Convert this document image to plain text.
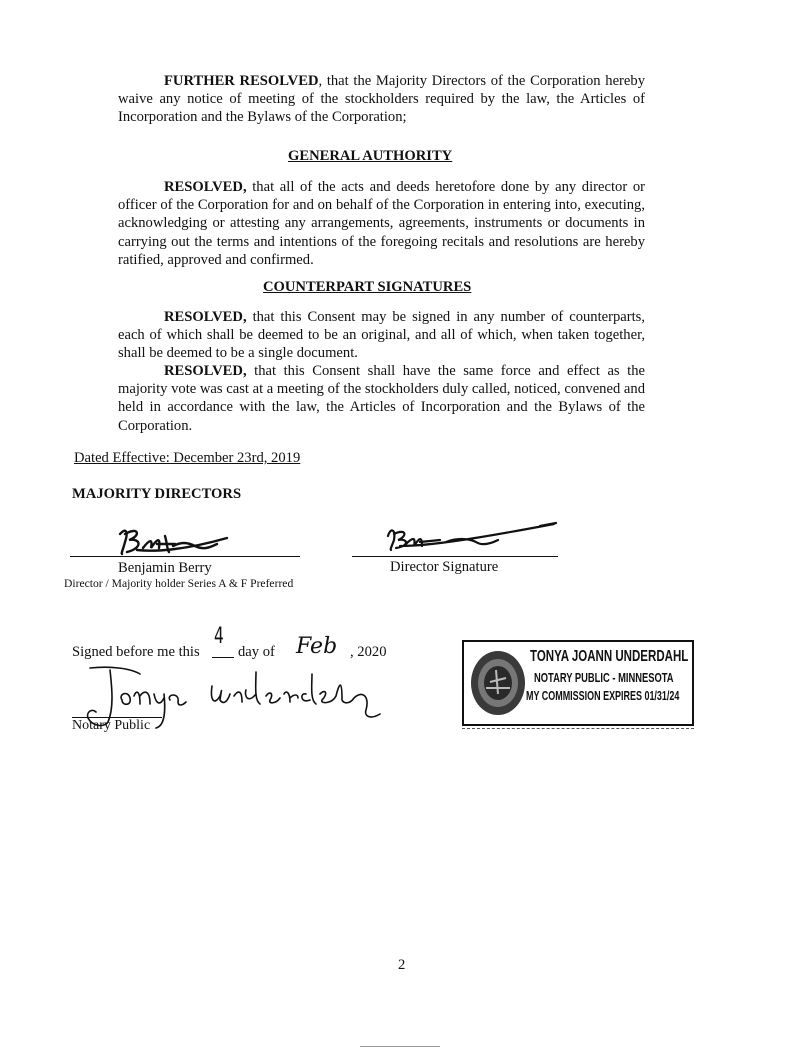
FURTHER RESOLVED, that the Majority Directors of the Corporation hereby waive any notice of meeting of the stockholders required by the law, the Articles of Incorporation and the Bylaws of the Corporation;
GENERAL AUTHORITY
RESOLVED, that all of the acts and deeds heretofore done by any director or officer of the Corporation for and on behalf of the Corporation in entering into, executing, acknowledging or attesting any arrangements, agreements, instruments or documents in carrying out the terms and intentions of the foregoing recitals and resolutions are hereby ratified, approved and confirmed.
COUNTERPART SIGNATURES
RESOLVED, that this Consent may be signed in any number of counterparts, each of which shall be deemed to be an original, and all of which, when taken together, shall be deemed to be a single document.
RESOLVED, that this Consent shall have the same force and effect as the majority vote was cast at a meeting of the stockholders duly called, noticed, convened and held in accordance with the law, the Articles of Incorporation and the Bylaws of the Corporation.
Dated Effective: December 23rd, 2019
MAJORITY DIRECTORS
Benjamin Berry
Director / Majority holder Series A & F Preferred
Director Signature
Signed before me this
4
day of Feb , 2020
Notary Public
TONYA JOANN UNDERDAHL
NOTARY PUBLIC - MINNESOTA
MY COMMISSION EXPIRES 01/31/24
2
